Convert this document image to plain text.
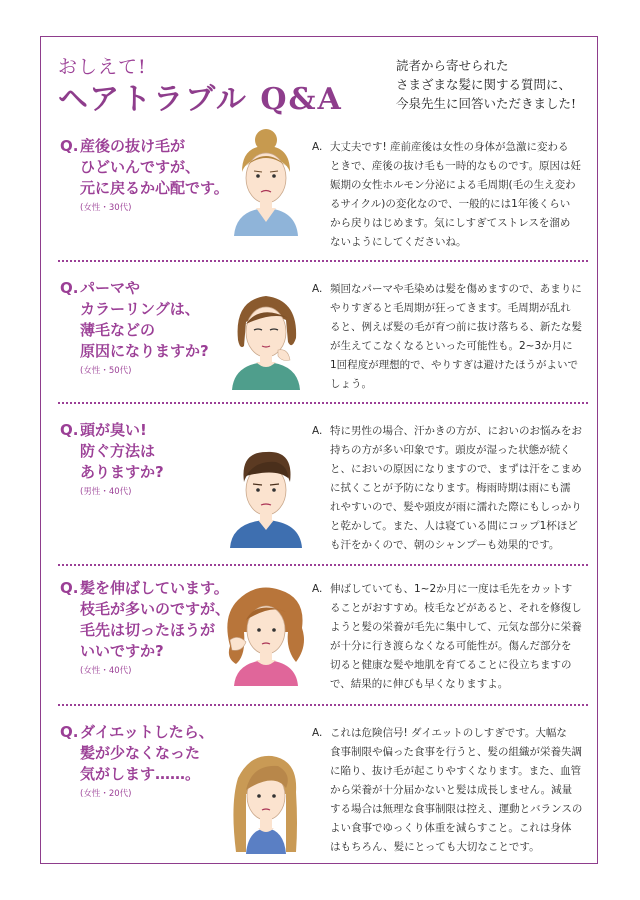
おしえて!
ヘアトラブル Q&A
読者から寄せられた
さまざまな髪に関する質問に、
今泉先生に回答いただきました!
Q. 産後の抜け毛が
ひどいんですが、
元に戻るか心配です。
(女性・30代)
A. 大丈夫です! 産前産後は女性の身体が急激に変わる
ときで、産後の抜け毛も一時的なものです。原因は妊
娠期の女性ホルモン分泌による毛周期(毛の生え変わ
るサイクル)の変化なので、一般的には1年後くらい
から戻りはじめます。気にしすぎてストレスを溜め
ないようにしてくださいね。
Q. パーマや
カラーリングは、
薄毛などの
原因になりますか?
(女性・50代)
A. 頻回なパーマや毛染めは髪を傷めますので、あまりに
やりすぎると毛周期が狂ってきます。毛周期が乱れ
ると、例えば髪の毛が育つ前に抜け落ちる、新たな髪
が生えてこなくなるといった可能性も。2~3か月に
1回程度が理想的で、やりすぎは避けたほうがよいで
しょう。
Q. 頭が臭い!
防ぐ方法は
ありますか?
(男性・40代)
A. 特に男性の場合、汗かきの方が、においのお悩みをお
持ちの方が多い印象です。頭皮が湿った状態が続く
と、においの原因になりますので、まずは汗をこまめ
に拭くことが予防になります。梅雨時期は雨にも濡
れやすいので、髪や頭皮が雨に濡れた際にもしっかり
と乾かして。また、人は寝ている間にコップ1杯ほど
も汗をかくので、朝のシャンプーも効果的です。
Q. 髪を伸ばしています。
枝毛が多いのですが、
毛先は切ったほうが
いいですか?
(女性・40代)
A. 伸ばしていても、1~2か月に一度は毛先をカットす
ることがおすすめ。枝毛などがあると、それを修復し
ようと髪の栄養が毛先に集中して、元気な部分に栄養
が十分に行き渡らなくなる可能性が。傷んだ部分を
切ると健康な髪や地肌を育てることに役立ちますの
で、結果的に伸びも早くなりますよ。
Q. ダイエットしたら、
髪が少なくなった
気がします……。
(女性・20代)
A. これは危険信号! ダイエットのしすぎです。大幅な
食事制限や偏った食事を行うと、髪の組織が栄養失調
に陥り、抜け毛が起こりやすくなります。また、血管
から栄養が十分届かないと髪は成長しません。減量
する場合は無理な食事制限は控え、運動とバランスの
よい食事でゆっくり体重を減らすこと。これは身体
はもちろん、髪にとっても大切なことです。
